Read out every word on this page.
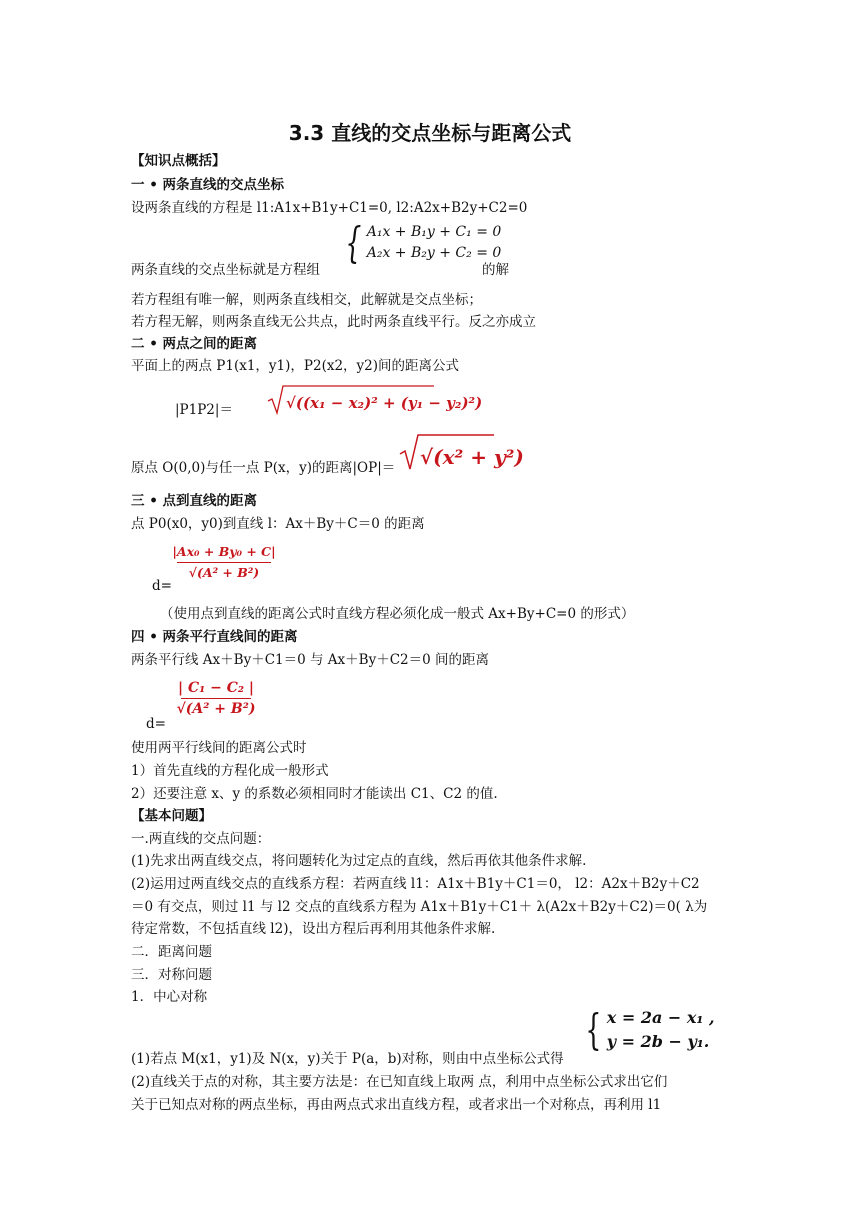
3.3 直线的交点坐标与距离公式
【知识点概括】
一 • 两条直线的交点坐标
设两条直线的方程是 l1:A1x+B1y+C1=0, l2:A2x+B2y+C2=0
两条直线的交点坐标就是方程组
{ A₁x + B₁y + C₁ = 0
A₂x + B₂y + C₂ = 0
的解
若方程组有唯一解，则两条直线相交，此解就是交点坐标；
若方程无解，则两条直线无公共点，此时两条直线平行。反之亦成立
二 • 两点之间的距离
平面上的两点 P1(x1，y1)，P2(x2，y2)间的距离公式
|P1P2|＝	√((x₁ − x₂)² + (y₁ − y₂)²)
原点 O(0,0)与任一点 P(x，y)的距离|OP|＝ √(x² + y²)
三 • 点到直线的距离
点 P0(x0，y0)到直线 l：Ax＋By＋C＝0 的距离
|Ax₀ + By₀ + C|
√(A² + B²)
d=
（使用点到直线的距离公式时直线方程必须化成一般式 Ax+By+C=0 的形式）
四 • 两条平行直线间的距离
两条平行线 Ax＋By＋C1＝0 与 Ax＋By＋C2＝0 间的距离
| C₁ − C₂ |
√(A² + B²)
d=
使用两平行线间的距离公式时
1）首先直线的方程化成一般形式
2）还要注意 x、y 的系数必须相同时才能读出 C1、C2 的值.
【基本问题】
一.两直线的交点问题：
(1)先求出两直线交点，将问题转化为过定点的直线，然后再依其他条件求解.
(2)运用过两直线交点的直线系方程：若两直线 l1：A1x＋B1y＋C1＝0， l2：A2x＋B2y＋C2
＝0 有交点，则过 l1 与 l2 交点的直线系方程为 A1x＋B1y＋C1＋ λ(A2x＋B2y＋C2)＝0( λ为
待定常数，不包括直线 l2)，设出方程后再利用其他条件求解.
二．距离问题
三．对称问题
1．中心对称
(1)若点 M(x1，y1)及 N(x，y)关于 P(a，b)对称，则由中点坐标公式得
{ x = 2a − x₁ ,
y = 2b − y₁.
(2)直线关于点的对称，其主要方法是：在已知直线上取两 点，利用中点坐标公式求出它们
关于已知点对称的两点坐标，再由两点式求出直线方程，或者求出一个对称点，再利用 l1
